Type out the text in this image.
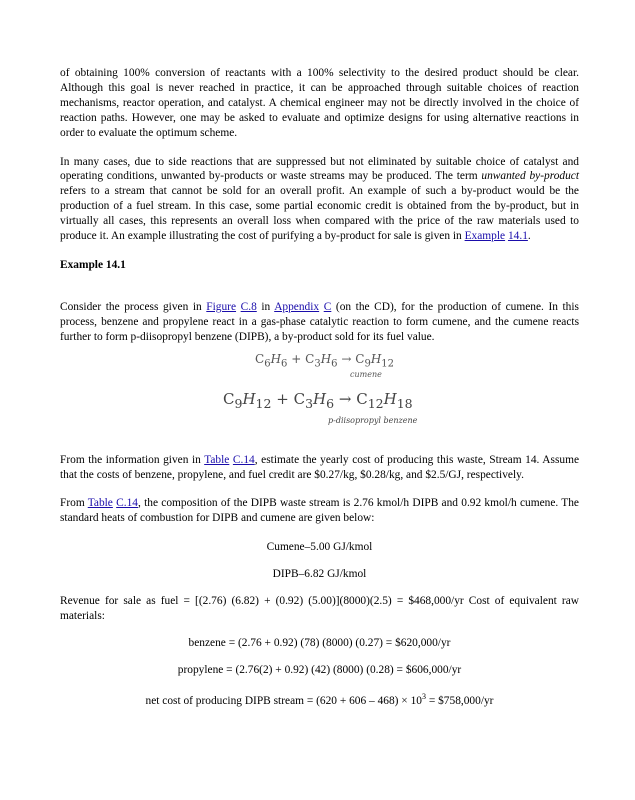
of obtaining 100% conversion of reactants with a 100% selectivity to the desired product should be clear. Although this goal is never reached in practice, it can be approached through suitable choices of reaction mechanisms, reactor operation, and catalyst. A chemical engineer may not be directly involved in the choice of reaction paths. However, one may be asked to evaluate and optimize designs for using alternative reactions in order to evaluate the optimum scheme.

In many cases, due to side reactions that are suppressed but not eliminated by suitable choice of catalyst and operating conditions, unwanted by-products or waste streams may be produced. The term unwanted by-product refers to a stream that cannot be sold for an overall profit. An example of such a by-product would be the production of a fuel stream. In this case, some partial economic credit is obtained from the by-product, but in virtually all cases, this represents an overall loss when compared with the price of the raw materials used to produce it. An example illustrating the cost of purifying a by-product for sale is given in Example 14.1.

Example 14.1

Consider the process given in Figure C.8 in Appendix C (on the CD), for the production of cumene. In this process, benzene and propylene react in a gas-phase catalytic reaction to form cumene, and the cumene reacts further to form p-diisopropyl benzene (DIPB), a by-product sold for its fuel value.

$C_6H_6 + C_3H_6 \to C_9H_{12}$
cumene
$C_9H_{12} + C_3H_6 \to C_{12}H_{18}$
p-diisopropyl benzene

From the information given in Table C.14, estimate the yearly cost of producing this waste, Stream 14. Assume that the costs of benzene, propylene, and fuel credit are $0.27/kg, $0.28/kg, and $2.5/GJ, respectively.

From Table C.14, the composition of the DIPB waste stream is 2.76 kmol/h DIPB and 0.92 kmol/h cumene. The standard heats of combustion for DIPB and cumene are given below:

Cumene–5.00 GJ/kmol

DIPB–6.82 GJ/kmol

Revenue for sale as fuel = [(2.76) (6.82) + (0.92) (5.00)](8000)(2.5) = $468,000/yr Cost of equivalent raw materials:

benzene = (2.76 + 0.92) (78) (8000) (0.27) = $620,000/yr

propylene = (2.76(2) + 0.92) (42) (8000) (0.28) = $606,000/yr

net cost of producing DIPB stream = $(620 + 606 - 468) \times 10^3$ = $758,000/yr
